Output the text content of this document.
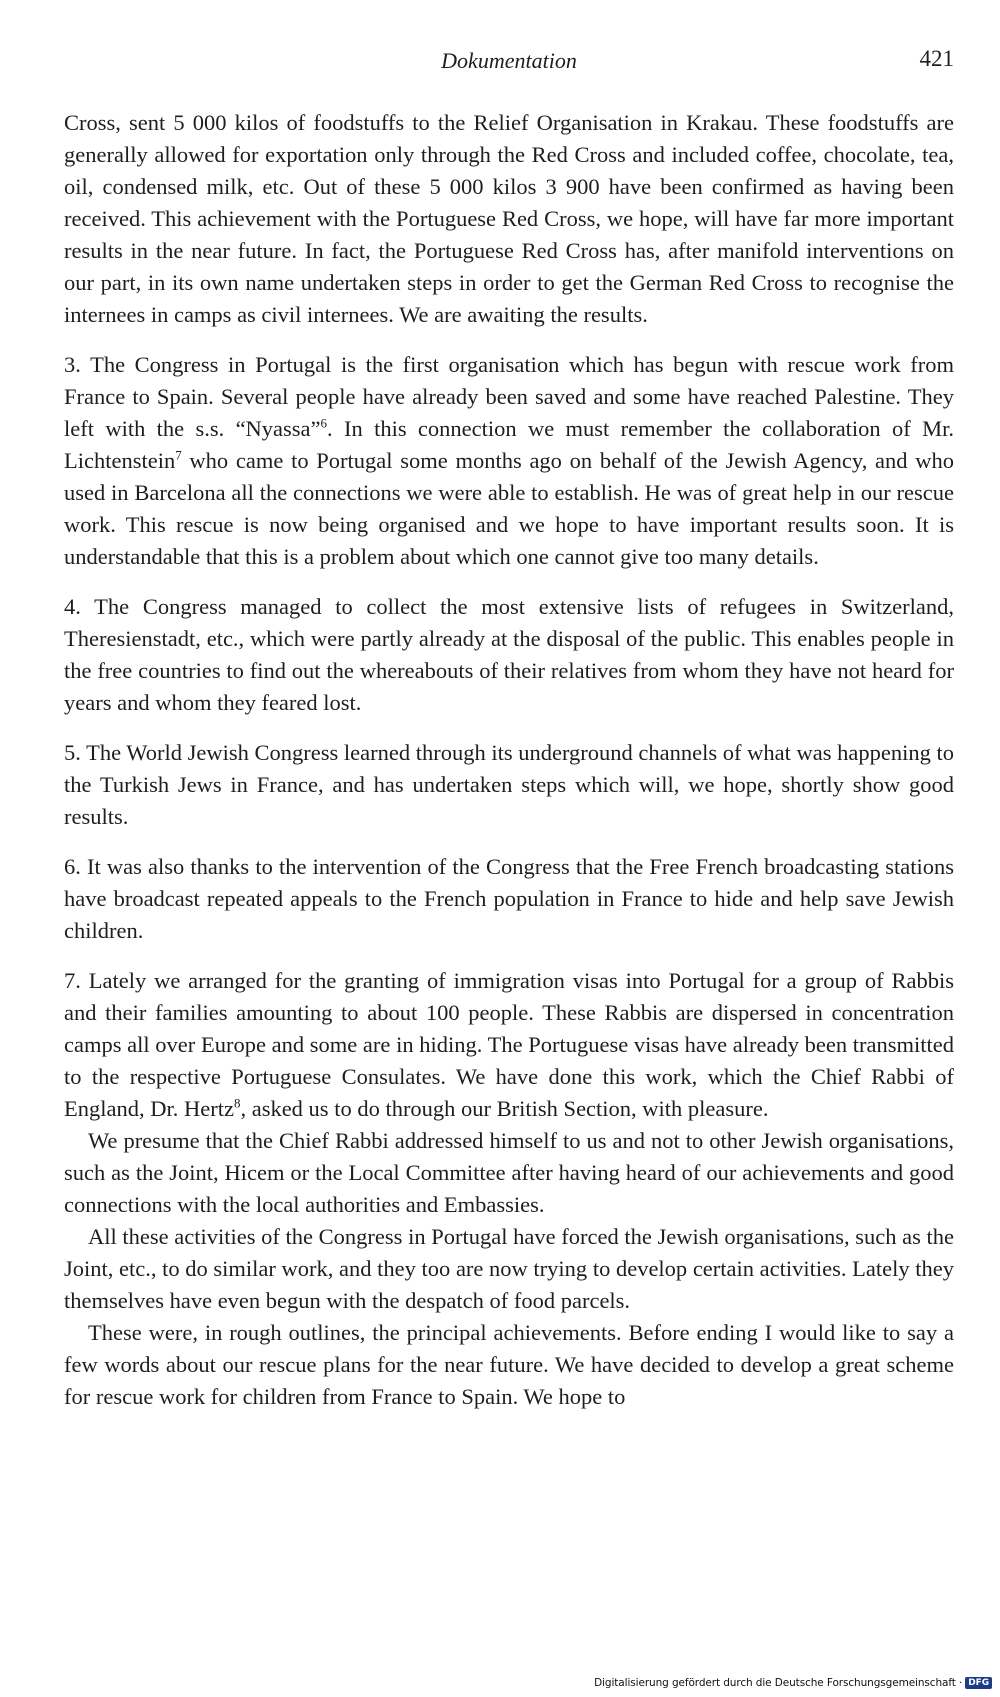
Dokumentation	421

Cross, sent 5 000 kilos of foodstuffs to the Relief Organisation in Krakau. These foodstuffs are generally allowed for exportation only through the Red Cross and included coffee, chocolate, tea, oil, condensed milk, etc. Out of these 5 000 kilos 3 900 have been confirmed as having been received. This achievement with the Portuguese Red Cross, we hope, will have far more important results in the near future. In fact, the Portuguese Red Cross has, after manifold interventions on our part, in its own name undertaken steps in order to get the German Red Cross to recognise the internees in camps as civil internees. We are awaiting the results.

3. The Congress in Portugal is the first organisation which has begun with rescue work from France to Spain. Several people have already been saved and some have reached Palestine. They left with the s.s. “Nyassa”$^6$. In this connection we must remember the collaboration of Mr. Lichtenstein$^7$ who came to Portugal some months ago on behalf of the Jewish Agency, and who used in Barcelona all the connections we were able to establish. He was of great help in our rescue work. This rescue is now being organised and we hope to have important results soon. It is understandable that this is a problem about which one cannot give too many details.

4. The Congress managed to collect the most extensive lists of refugees in Switzerland, Theresienstadt, etc., which were partly already at the disposal of the public. This enables people in the free countries to find out the whereabouts of their relatives from whom they have not heard for years and whom they feared lost.

5. The World Jewish Congress learned through its underground channels of what was happening to the Turkish Jews in France, and has undertaken steps which will, we hope, shortly show good results.

6. It was also thanks to the intervention of the Congress that the Free French broadcasting stations have broadcast repeated appeals to the French population in France to hide and help save Jewish children.

7. Lately we arranged for the granting of immigration visas into Portugal for a group of Rabbis and their families amounting to about 100 people. These Rabbis are dispersed in concentration camps all over Europe and some are in hiding. The Portuguese visas have already been transmitted to the respective Portuguese Consulates. We have done this work, which the Chief Rabbi of England, Dr. Hertz$^8$, asked us to do through our British Section, with pleasure.

We presume that the Chief Rabbi addressed himself to us and not to other Jewish organisations, such as the Joint, Hicem or the Local Committee after having heard of our achievements and good connections with the local authorities and Embassies.

All these activities of the Congress in Portugal have forced the Jewish organisations, such as the Joint, etc., to do similar work, and they too are now trying to develop certain activities. Lately they themselves have even begun with the despatch of food parcels.

These were, in rough outlines, the principal achievements. Before ending I would like to say a few words about our rescue plans for the near future. We have decided to develop a great scheme for rescue work for children from France to Spain. We hope to

Digitalisierung gefördert durch die Deutsche Forschungsgemeinschaft · DFG
